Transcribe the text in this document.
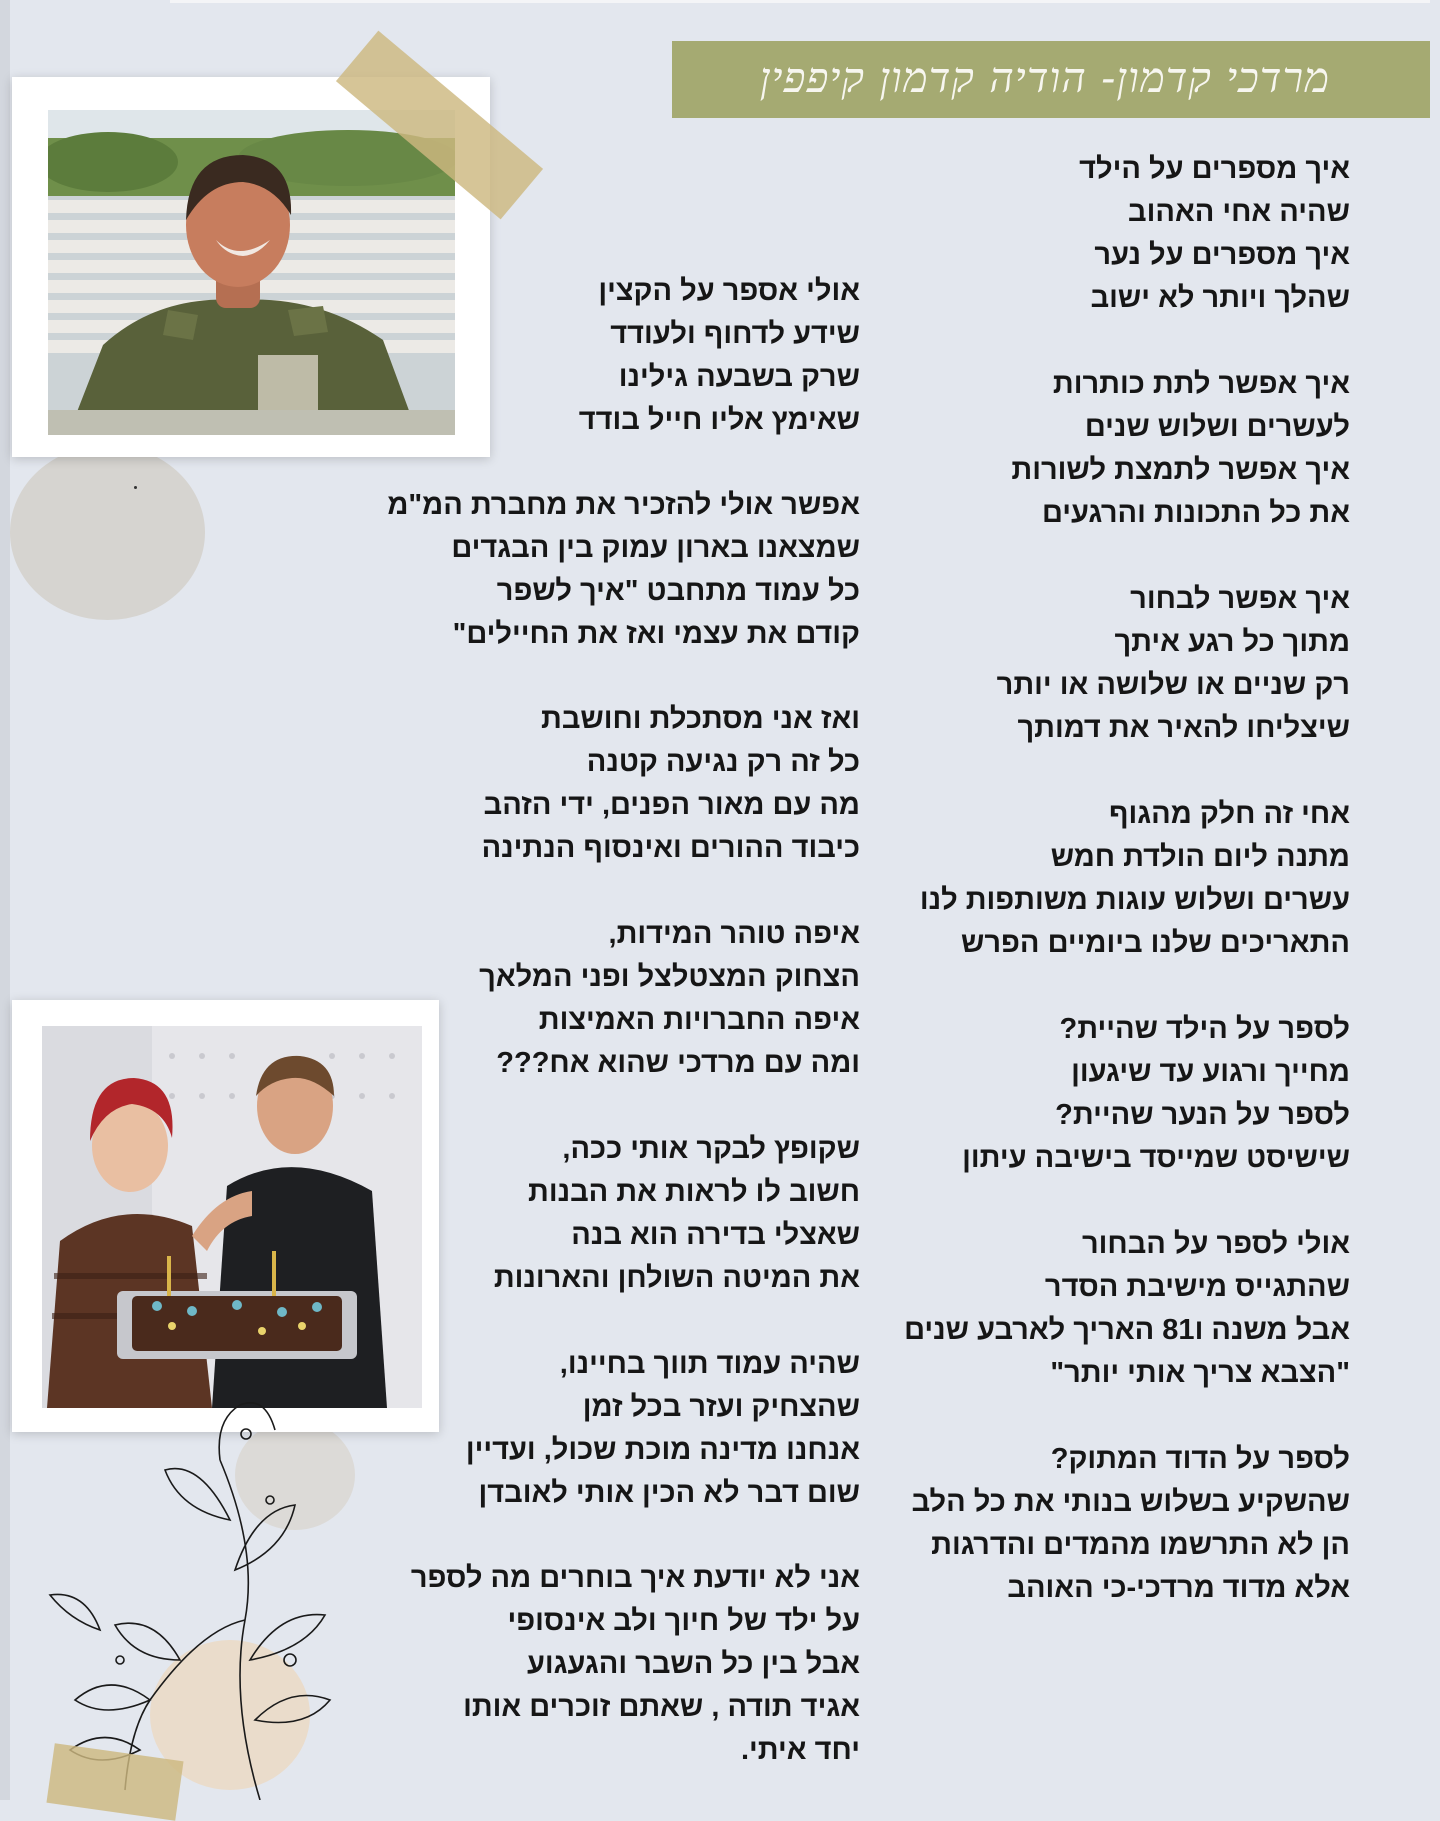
מרדכי קדמון- הודיה קדמון קיפפין
איך מספרים על הילד
שהיה אחי האהוב
איך מספרים על נער
שהלך ויותר לא ישוב
איך אפשר לתת כותרות
לעשרים ושלוש שנים
איך אפשר לתמצת לשורות
את כל התכונות והרגעים
איך אפשר לבחור
מתוך כל רגע איתך
רק שניים או שלושה או יותר
שיצליחו להאיר את דמותך
אחי זה חלק מהגוף
מתנה ליום הולדת חמש
עשרים ושלוש עוגות משותפות לנו
התאריכים שלנו ביומיים הפרש
לספר על הילד שהיית?
מחייך ורגוע עד שיגעון
לספר על הנער שהיית?
שישיסט שמייסד בישיבה עיתון
אולי לספר על הבחור
שהתגייס מישיבת הסדר
אבל משנה ו81 האריך לארבע שנים
"הצבא צריך אותי יותר"
לספר על הדוד המתוק?
שהשקיע בשלוש בנותי את כל הלב
הן לא התרשמו מהמדים והדרגות
אלא מדוד מרדכי-כי האוהב
אולי אספר על הקצין
שידע לדחוף ולעודד
שרק בשבעה גילינו
שאימץ אליו חייל בודד
אפשר אולי להזכיר את מחברת המ"מ
שמצאנו בארון עמוק בין הבגדים
כל עמוד מתחבט "איך לשפר
קודם את עצמי ואז את החיילים"
ואז אני מסתכלת וחושבת
כל זה רק נגיעה קטנה
מה עם מאור הפנים, ידי הזהב
כיבוד ההורים ואינסוף הנתינה
איפה טוהר המידות,
הצחוק המצטלצל ופני המלאך
איפה החברויות האמיצות
ומה עם מרדכי שהוא אח???
שקופץ לבקר אותי ככה,
חשוב לו לראות את הבנות
שאצלי בדירה הוא בנה
את המיטה השולחן והארונות
שהיה עמוד תווך בחיינו,
שהצחיק ועזר בכל זמן
אנחנו מדינה מוכת שכול, ועדיין
שום דבר לא הכין אותי לאובדן
אני לא יודעת איך בוחרים מה לספר
על ילד של חיוך ולב אינסופי
אבל בין כל השבר והגעגוע
אגיד תודה , שאתם זוכרים אותו
יחד איתי.
